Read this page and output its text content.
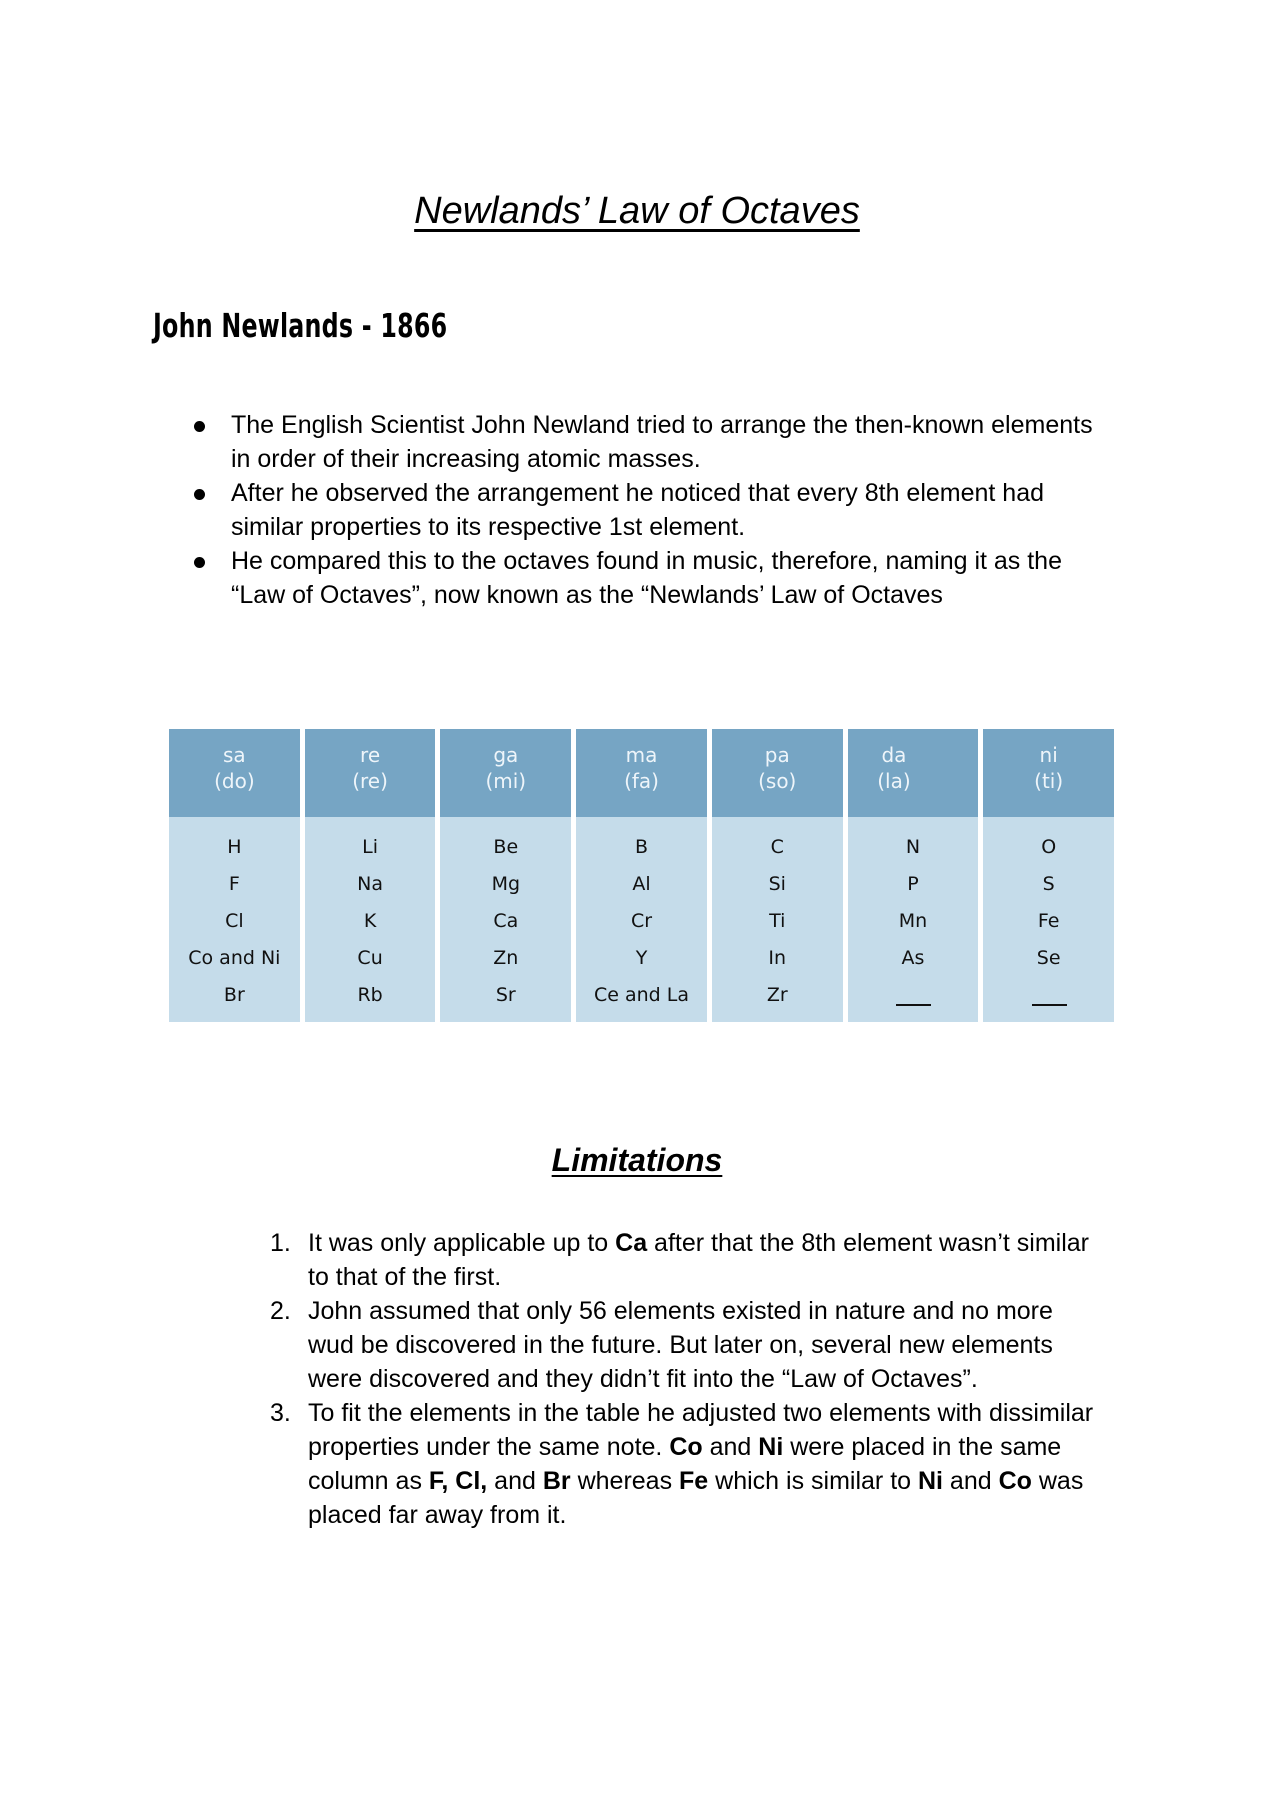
Newlands’ Law of Octaves
John Newlands - 1866
The English Scientist John Newland tried to arrange the then-known elements
in order of their increasing atomic masses.
After he observed the arrangement he noticed that every 8th element had
similar properties to its respective 1st element.
He compared this to the octaves found in music, therefore, naming it as the
“Law of Octaves”, now known as the “Newlands’ Law of Octaves
sa
(do)
H
F
Cl
Co and Ni
Br
re
(re)
Li
Na
K
Cu
Rb
ga
(mi)
Be
Mg
Ca
Zn
Sr
ma
(fa)
B
Al
Cr
Y
Ce and La
pa
(so)
C
Si
Ti
In
Zr
da
(la)
N
P
Mn
As
ni
(ti)
O
S
Fe
Se
Limitations
1. It was only applicable up to Ca after that the 8th element wasn’t similar
to that of the first.
2. John assumed that only 56 elements existed in nature and no more
wud be discovered in the future. But later on, several new elements
were discovered and they didn’t fit into the “Law of Octaves”.
3. To fit the elements in the table he adjusted two elements with dissimilar
properties under the same note. Co and Ni were placed in the same
column as F, Cl, and Br whereas Fe which is similar to Ni and Co was
placed far away from it.
